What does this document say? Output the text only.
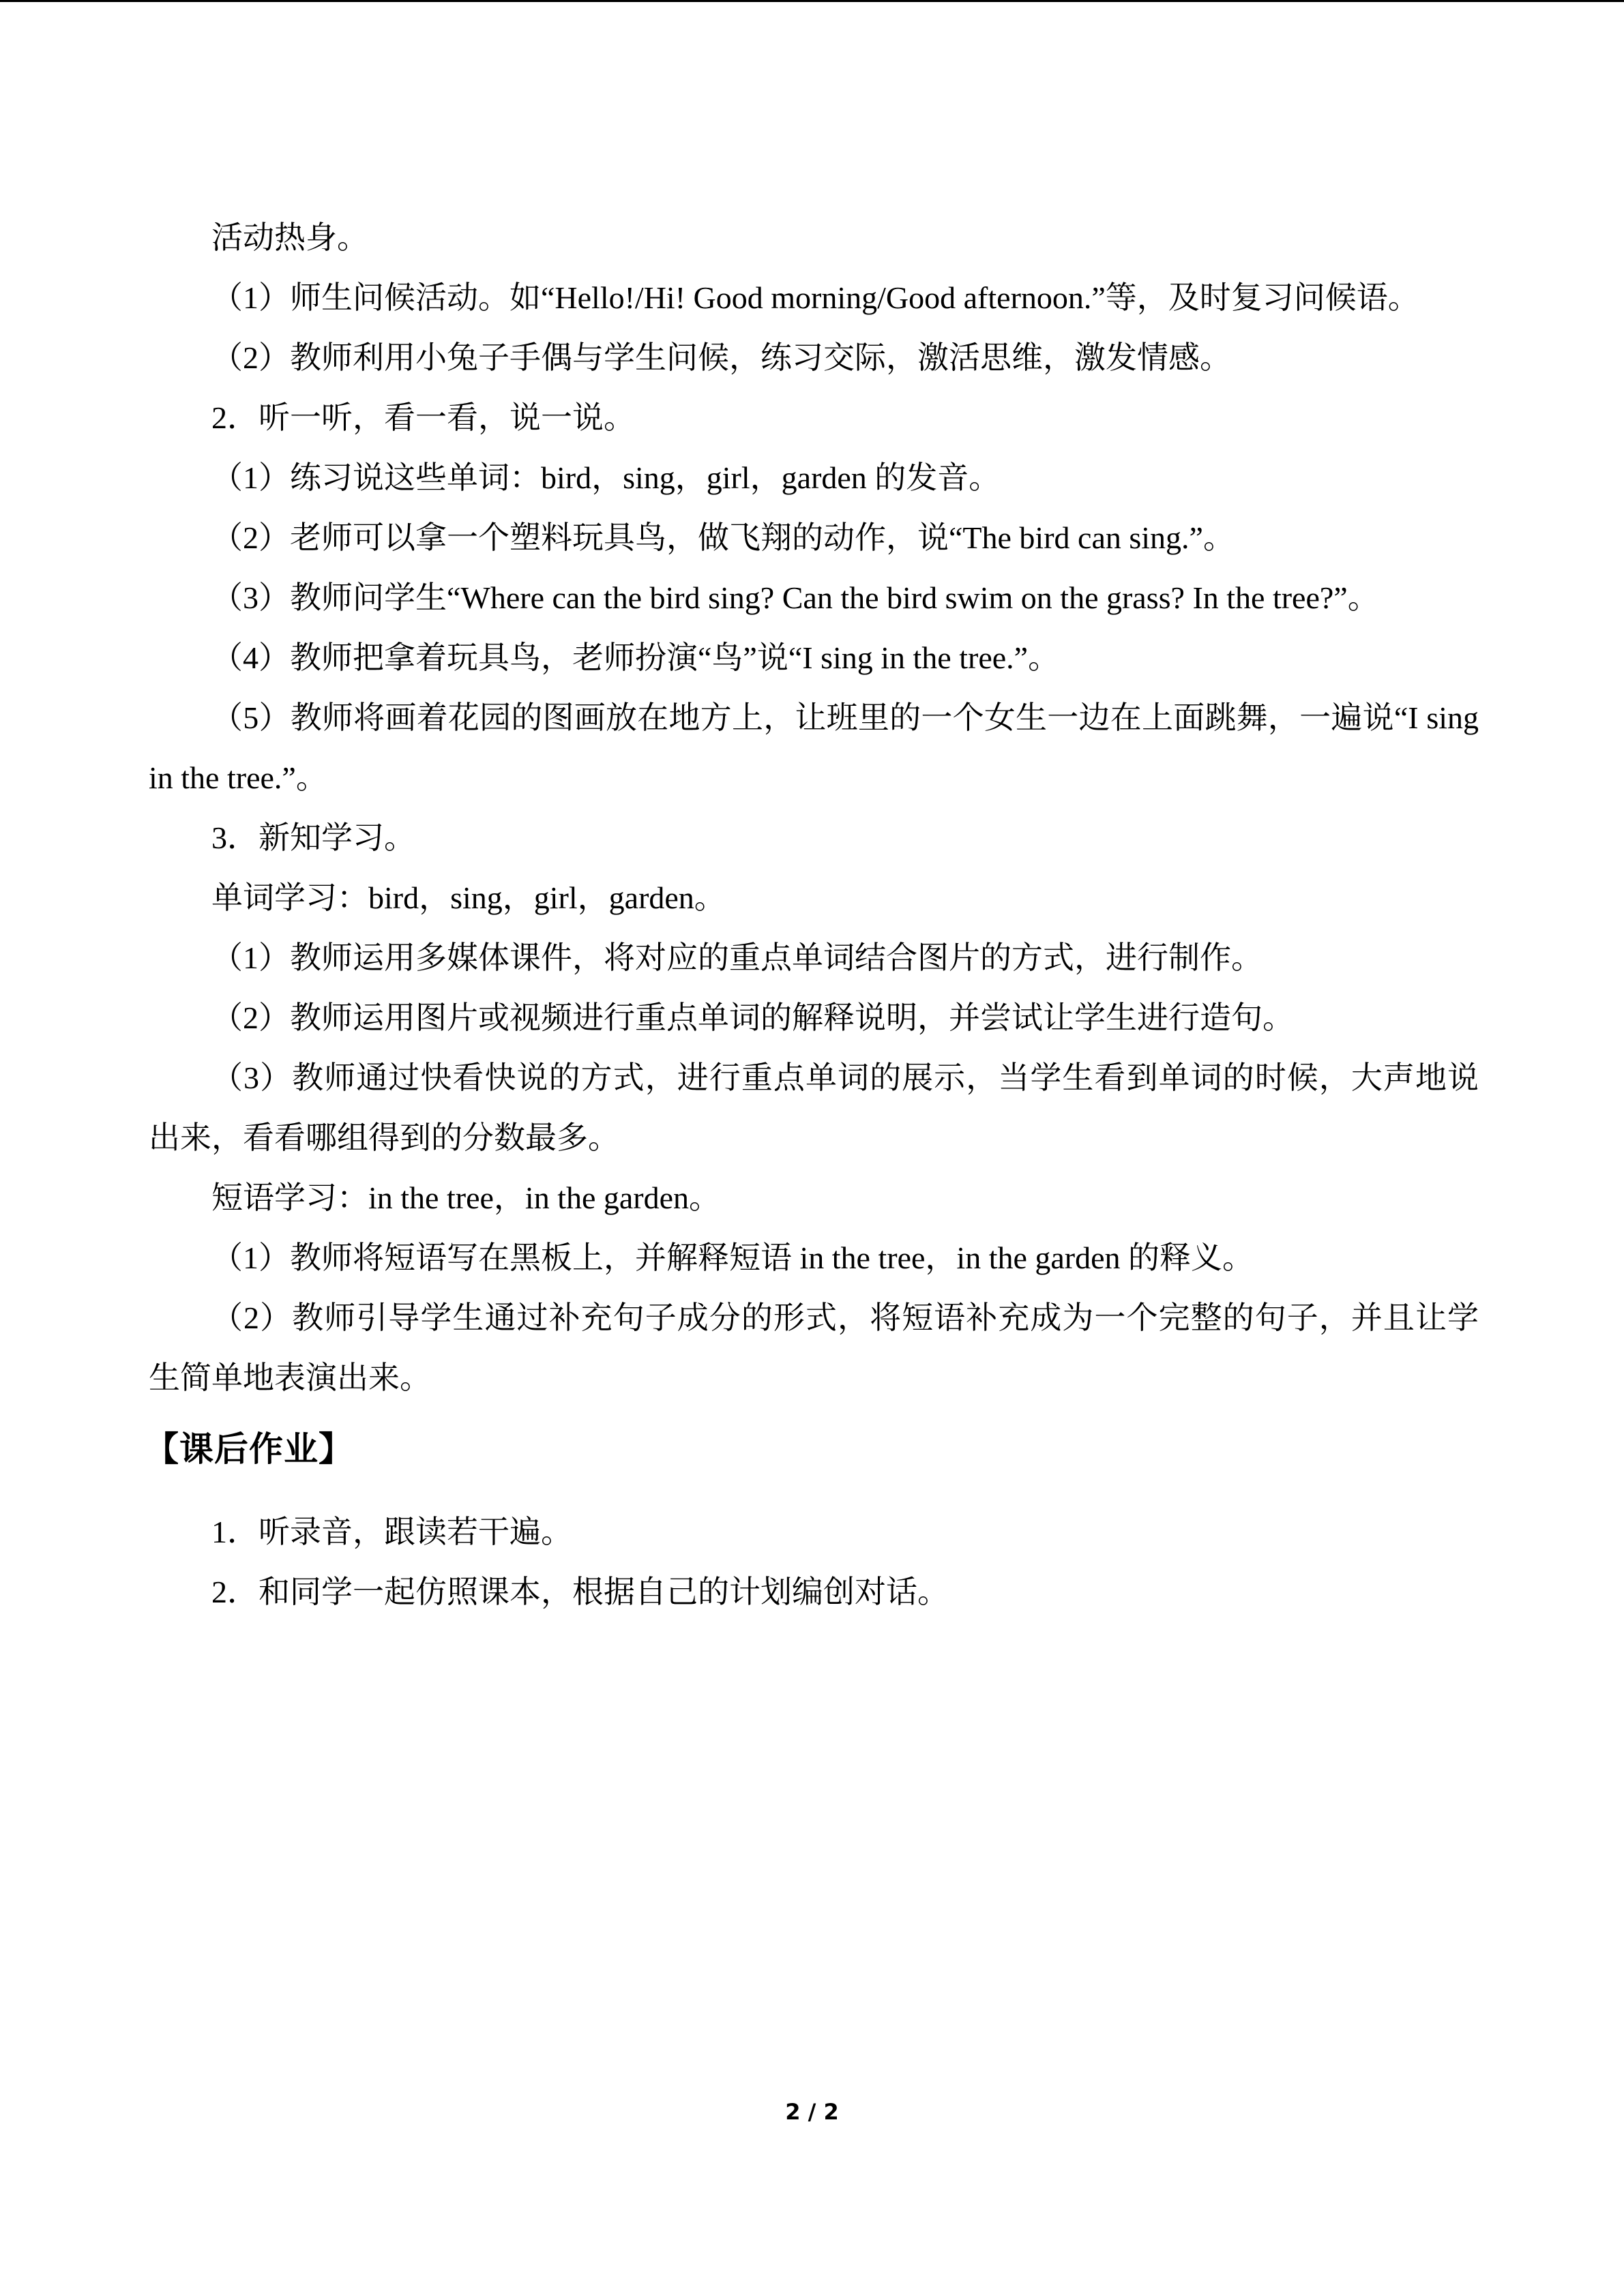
活动热身。

（1）师生问候活动。如“Hello!/Hi! Good morning/Good afternoon.”等，及时复习问候语。

（2）教师利用小兔子手偶与学生问候，练习交际，激活思维，激发情感。

2．听一听，看一看，说一说。

（1）练习说这些单词：bird，sing，girl，garden 的发音。

（2）老师可以拿一个塑料玩具鸟，做飞翔的动作，说“The bird can sing.”。

（3）教师问学生“Where can the bird sing? Can the bird swim on the grass? In the tree?”。

（4）教师把拿着玩具鸟，老师扮演“鸟”说“I sing in the tree.”。

（5）教师将画着花园的图画放在地方上，让班里的一个女生一边在上面跳舞，一遍说“I sing in the tree.”。

3．新知学习。

单词学习：bird，sing，girl，garden。

（1）教师运用多媒体课件，将对应的重点单词结合图片的方式，进行制作。

（2）教师运用图片或视频进行重点单词的解释说明，并尝试让学生进行造句。

（3）教师通过快看快说的方式，进行重点单词的展示，当学生看到单词的时候，大声地说出来，看看哪组得到的分数最多。

短语学习：in the tree，in the garden。

（1）教师将短语写在黑板上，并解释短语 in the tree，in the garden 的释义。

（2）教师引导学生通过补充句子成分的形式，将短语补充成为一个完整的句子，并且让学生简单地表演出来。

【课后作业】

1．听录音，跟读若干遍。

2．和同学一起仿照课本，根据自己的计划编创对话。

2 / 2
